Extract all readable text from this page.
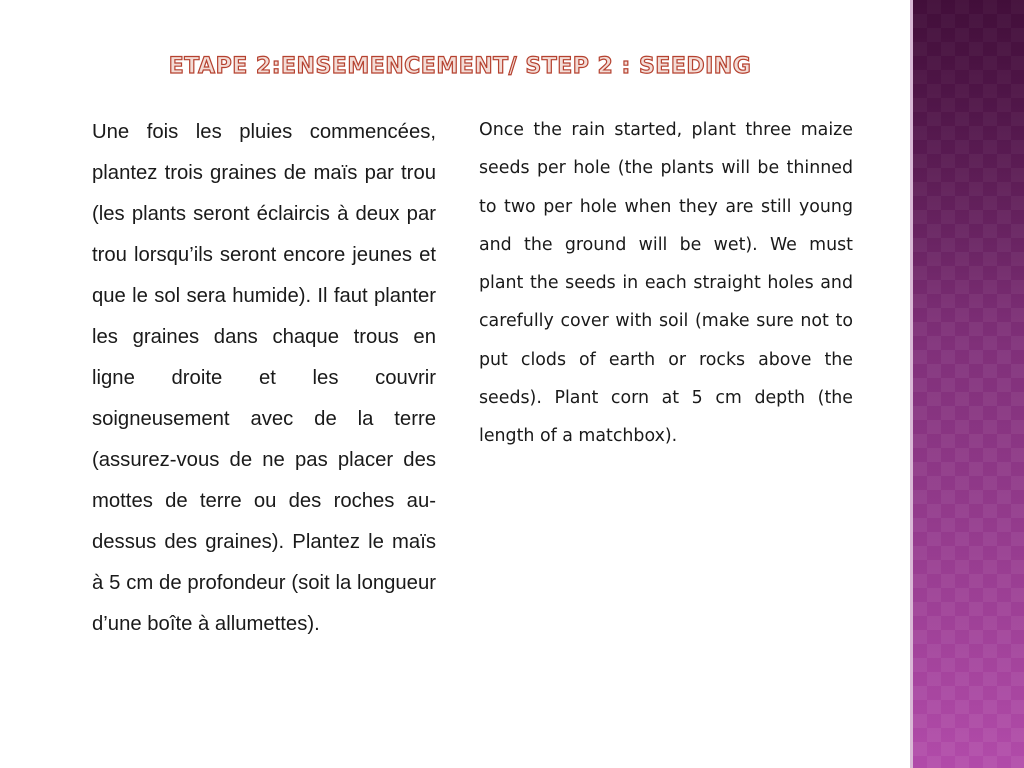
ETAPE 2:ENSEMENCEMENT/ STEP 2 : SEEDING

Une fois les pluies commencées, plantez trois graines de maïs par trou (les plants seront éclaircis à deux par trou lorsqu’ils seront encore jeunes et que le sol sera humide). Il faut planter les graines dans chaque trous en ligne droite et les couvrir soigneusement avec de la terre (assurez-vous de ne pas placer des mottes de terre ou des roches au-dessus des graines). Plantez le maïs à 5 cm de profondeur (soit la longueur d’une boîte à allumettes).

Once the rain started, plant three maize seeds per hole (the plants will be thinned to two per hole when they are still young and the ground will be wet). We must plant the seeds in each straight holes and carefully cover with soil (make sure not to put clods of earth or rocks above the seeds). Plant corn at 5 cm depth (the length of a matchbox).
